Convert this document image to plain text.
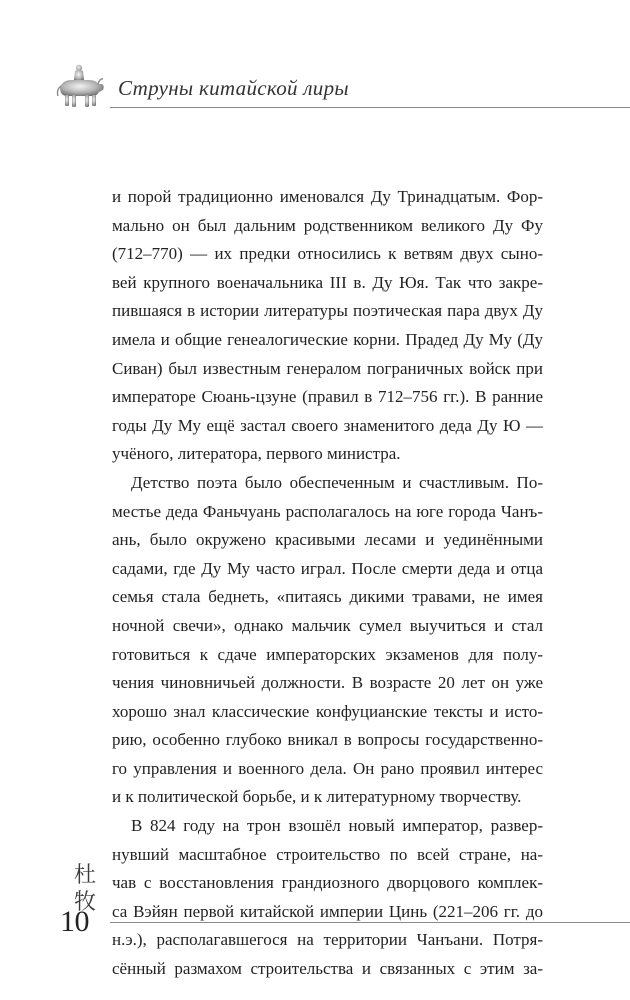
Струны китайской лиры
и порой традиционно именовался Ду Тринадцатым. Фор-
мально он был дальним родственником великого Ду Фу
(712–770) — их предки относились к ветвям двух сыно-
вей крупного военачальника III в. Ду Юя. Так что закре-
пившаяся в истории литературы поэтическая пара двух Ду
имела и общие генеалогические корни. Прадед Ду Му (Ду
Сиван) был известным генералом пограничных войск при
императоре Сюань-цзуне (правил в 712–756 гг.). В ранние
годы Ду Му ещё застал своего знаменитого деда Ду Ю —
учёного, литератора, первого министра.
Детство поэта было обеспеченным и счастливым. По-
местье деда Фаньчуань располагалось на юге города Чанъ-
ань, было окружено красивыми лесами и уединёнными
садами, где Ду Му часто играл. После смерти деда и отца
семья стала беднеть, «питаясь дикими травами, не имея
ночной свечи», однако мальчик сумел выучиться и стал
готовиться к сдаче императорских экзаменов для полу-
чения чиновничьей должности. В возрасте 20 лет он уже
хорошо знал классические конфуцианские тексты и исто-
рию, особенно глубоко вникал в вопросы государственно-
го управления и военного дела. Он рано проявил интерес
и к политической борьбе, и к литературному творчеству.
В 824 году на трон взошёл новый император, развер-
нувший масштабное строительство по всей стране, на-
чав с восстановления грандиозного дворцового комплек-
са Вэйян первой китайской империи Цинь (221–206 гг. до
н.э.), располагавшегося на территории Чанъани. Потря-
сённый размахом строительства и связанных с этим за-
杜
牧
10
